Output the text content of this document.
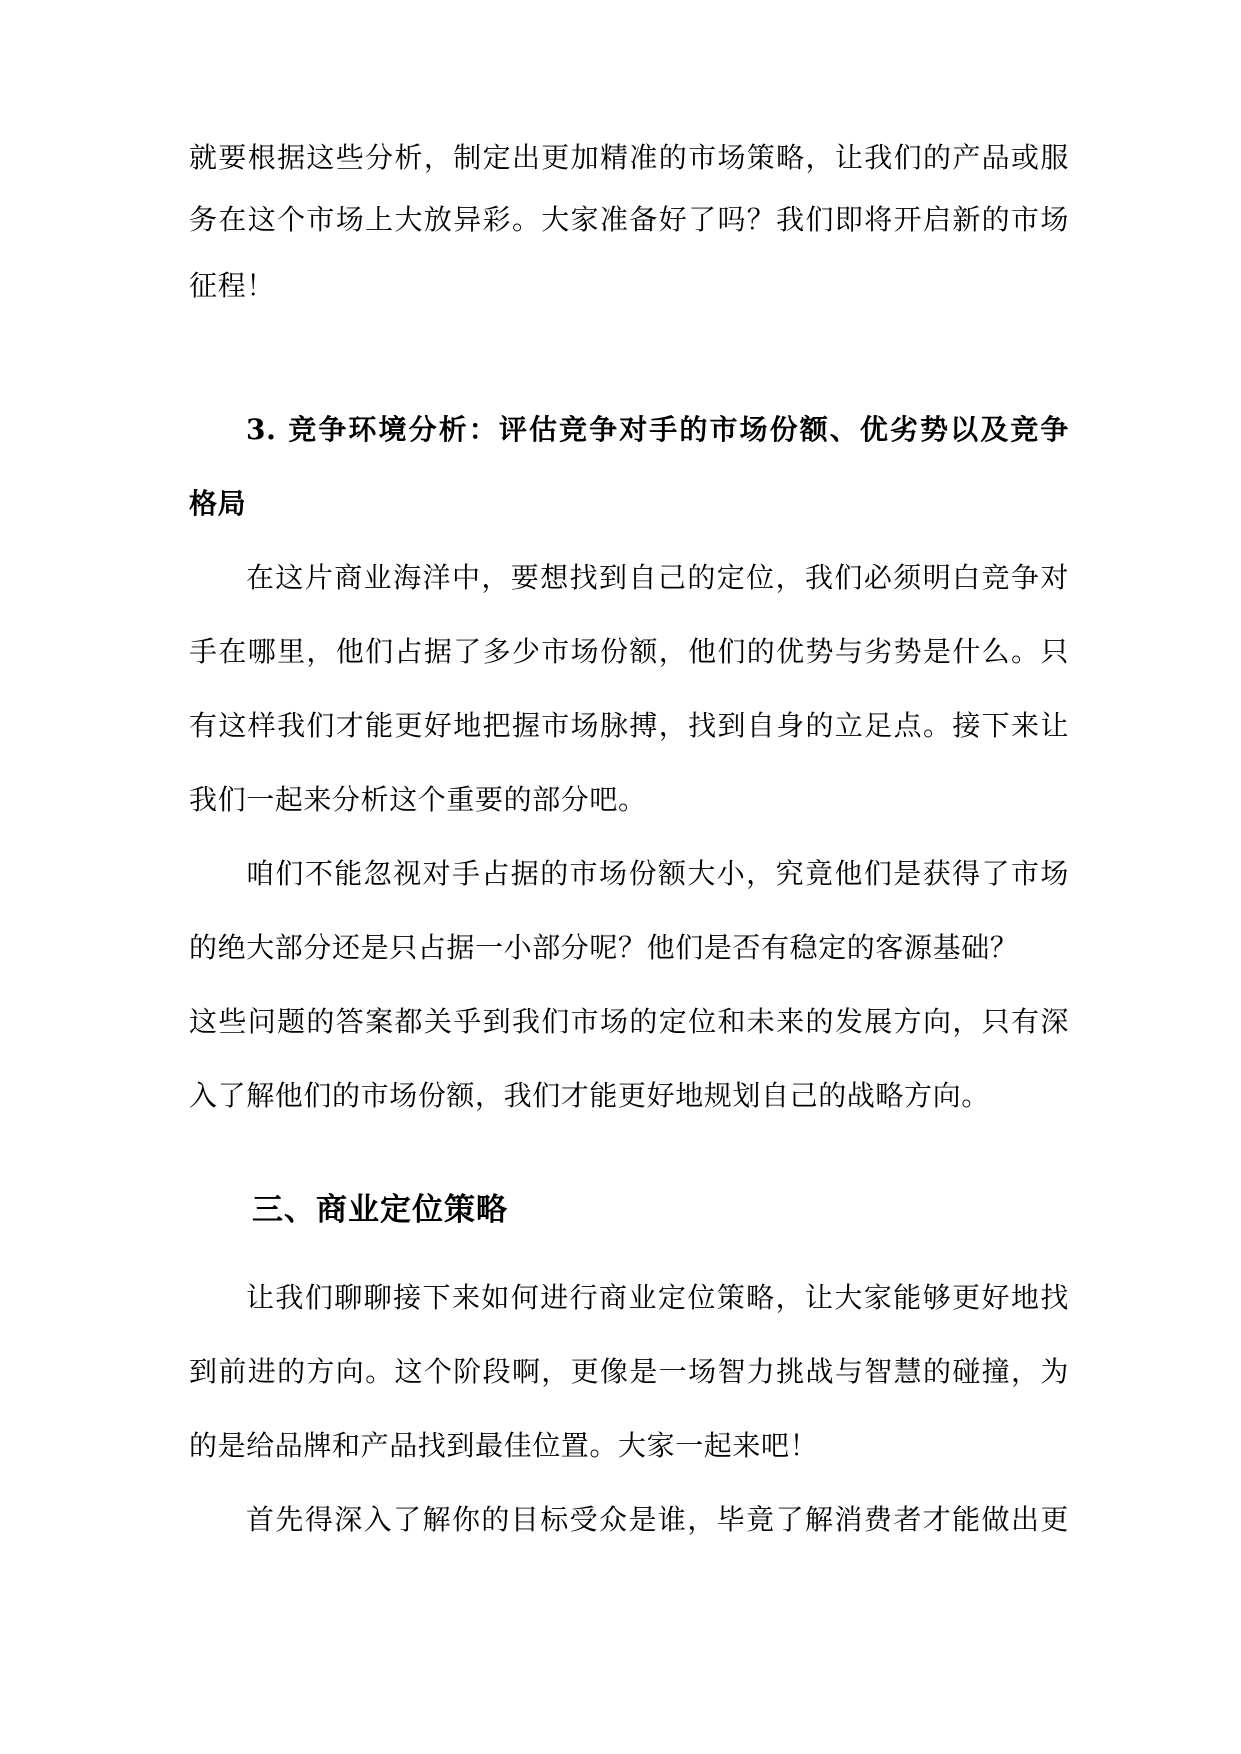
就要根据这些分析，制定出更加精准的市场策略，让我们的产品或服
务在这个市场上大放异彩。大家准备好了吗？我们即将开启新的市场
征程！
3. 竞争环境分析：评估竞争对手的市场份额、优劣势以及竞争
格局
在这片商业海洋中，要想找到自己的定位，我们必须明白竞争对
手在哪里，他们占据了多少市场份额，他们的优势与劣势是什么。只
有这样我们才能更好地把握市场脉搏，找到自身的立足点。接下来让
我们一起来分析这个重要的部分吧。
咱们不能忽视对手占据的市场份额大小，究竟他们是获得了市场
的绝大部分还是只占据一小部分呢？他们是否有稳定的客源基础？
这些问题的答案都关乎到我们市场的定位和未来的发展方向，只有深
入了解他们的市场份额，我们才能更好地规划自己的战略方向。
三、商业定位策略
让我们聊聊接下来如何进行商业定位策略，让大家能够更好地找
到前进的方向。这个阶段啊，更像是一场智力挑战与智慧的碰撞，为
的是给品牌和产品找到最佳位置。大家一起来吧！
首先得深入了解你的目标受众是谁，毕竟了解消费者才能做出更
